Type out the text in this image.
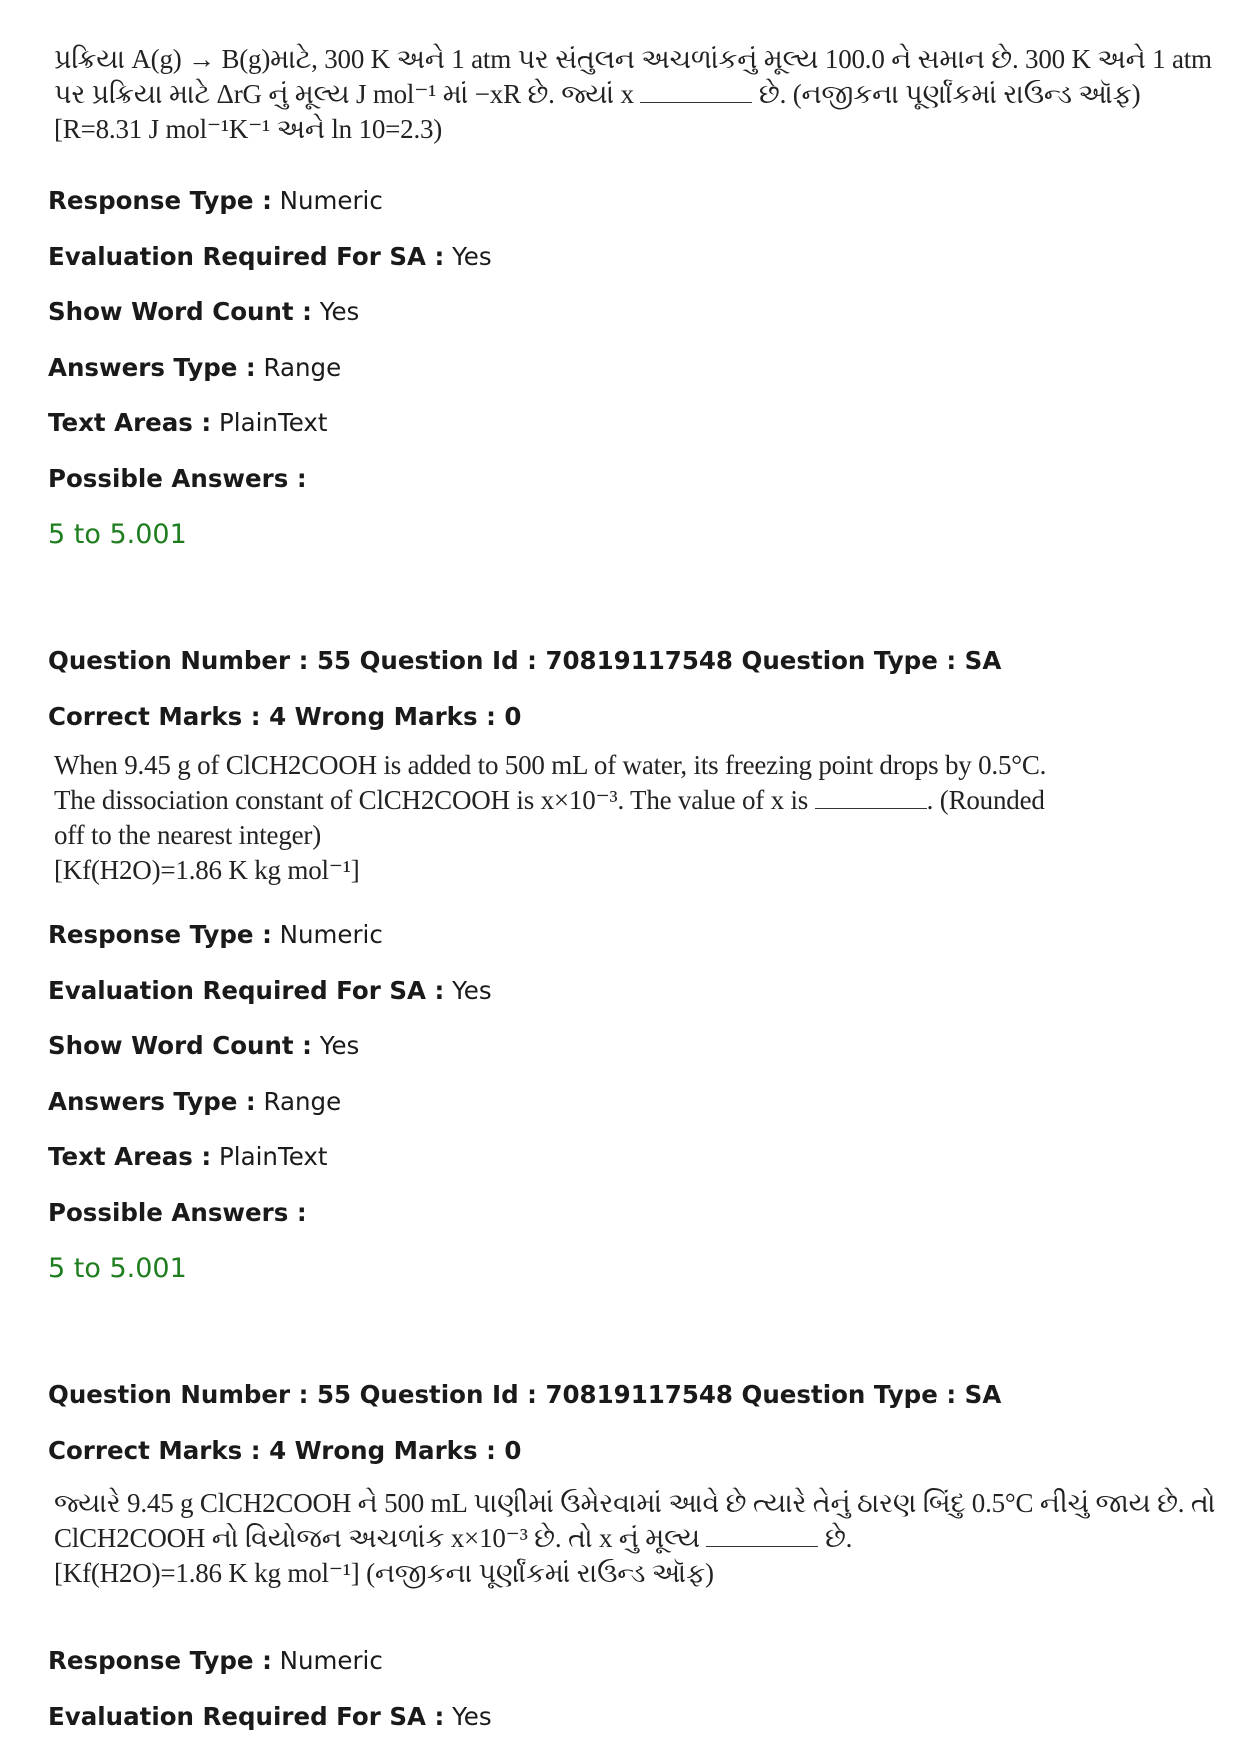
પ્રક્રિયા A(g) → B(g)માટે, 300 K અને 1 atm પર સંતુલન અચળાંકનું મૂલ્ય 100.0 ને સમાન છે. 300 K અને 1 atm
પર પ્રક્રિયા માટે ΔrG નું મૂલ્ય J mol⁻¹ માં −xR છે. જ્યાં x	છે. (નજીકના પૂર્ણાંકમાં રાઉન્ડ ઑફ)
[R=8.31 J mol⁻¹K⁻¹ અને ln 10=2.3)
Response Type : Numeric
Evaluation Required For SA : Yes
Show Word Count : Yes
Answers Type : Range
Text Areas : PlainText
Possible Answers :
5 to 5.001
Question Number : 55 Question Id : 70819117548 Question Type : SA
Correct Marks : 4 Wrong Marks : 0
When 9.45 g of ClCH2COOH is added to 500 mL of water, its freezing point drops by 0.5°C.
The dissociation constant of ClCH2COOH is x×10⁻³. The value of x is	. (Rounded
off to the nearest integer)
[Kf(H2O)=1.86 K kg mol⁻¹]
Response Type : Numeric
Evaluation Required For SA : Yes
Show Word Count : Yes
Answers Type : Range
Text Areas : PlainText
Possible Answers :
5 to 5.001
Question Number : 55 Question Id : 70819117548 Question Type : SA
Correct Marks : 4 Wrong Marks : 0
જ્યારે 9.45 g ClCH2COOH ને 500 mL પાણીમાં ઉમેરવામાં આવે છે ત્યારે તેનું ઠારણ બિંદુ 0.5°C નીચું જાય છે. તો
ClCH2COOH નો વિયોજન અચળાંક x×10⁻³ છે. તો x નું મૂલ્ય	છે.
[Kf(H2O)=1.86 K kg mol⁻¹] (નજીકના પૂર્ણાંકમાં રાઉન્ડ ઑફ)
Response Type : Numeric
Evaluation Required For SA : Yes
